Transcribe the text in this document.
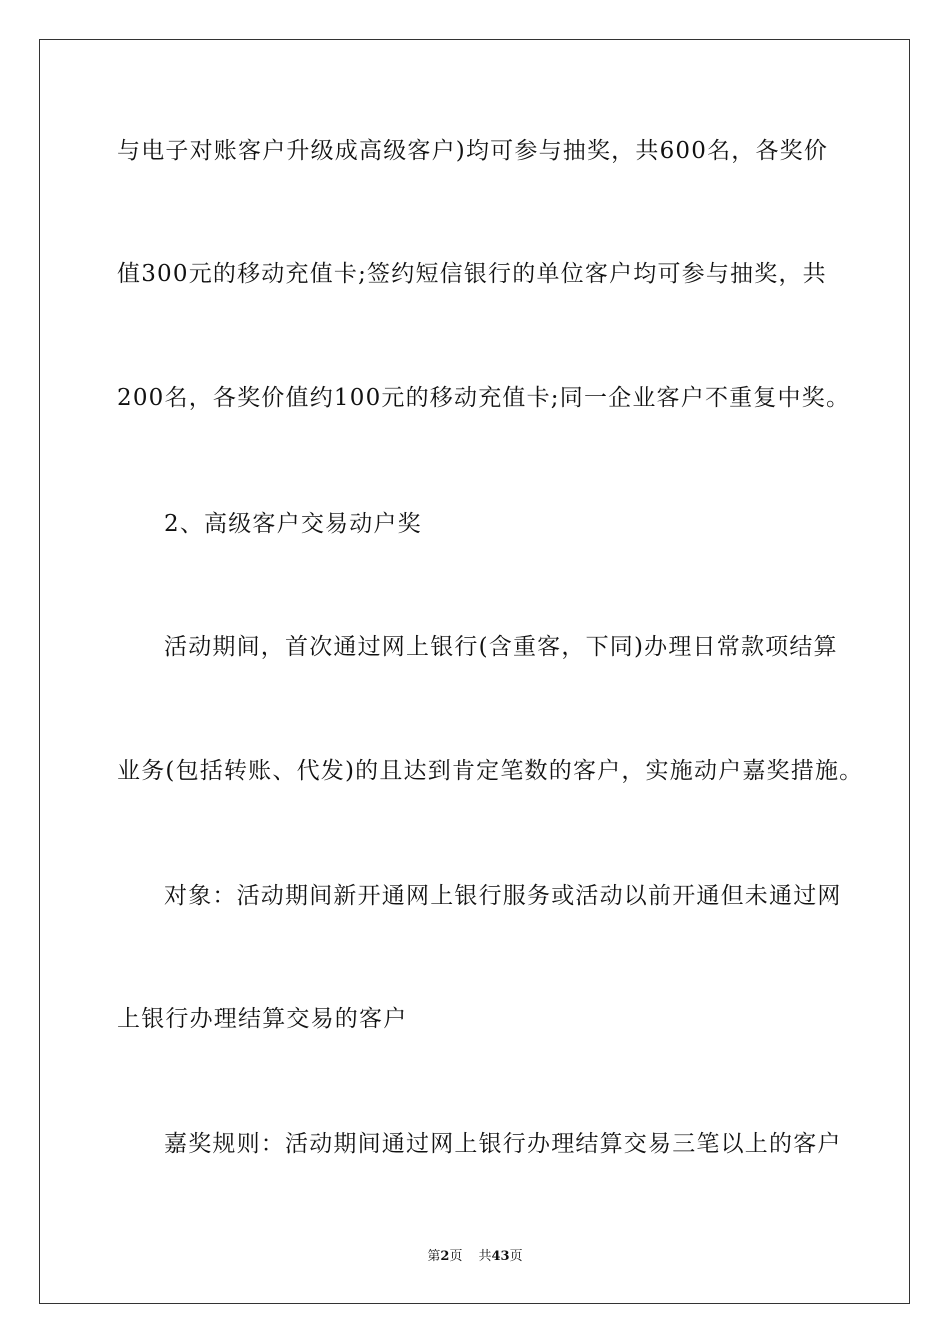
与电子对账客户升级成高级客户)均可参与抽奖，共600名，各奖价
值300元的移动充值卡;签约短信银行的单位客户均可参与抽奖，共
200名，各奖价值约100元的移动充值卡;同一企业客户不重复中奖。
2、高级客户交易动户奖
活动期间，首次通过网上银行(含重客，下同)办理日常款项结算
业务(包括转账、代发)的且达到肯定笔数的客户，实施动户嘉奖措施。
对象：活动期间新开通网上银行服务或活动以前开通但未通过网
上银行办理结算交易的客户
嘉奖规则：活动期间通过网上银行办理结算交易三笔以上的客户
第2页 共43页
